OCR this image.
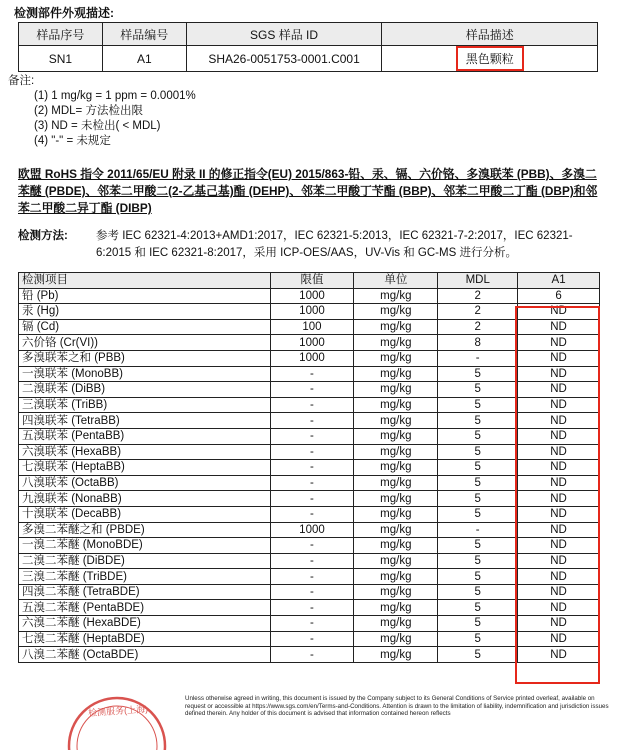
检测部件外观描述:
样品序号	样品编号	SGS 样品 ID	样品描述
SN1	A1	SHA26-0051753-0001.C001	黑色颗粒
备注:
(1) 1 mg/kg = 1 ppm = 0.0001%
(2) MDL= 方法检出限
(3) ND = 未检出( < MDL)
(4) "-" = 未规定
欧盟 RoHS 指令 2011/65/EU 附录 II 的修正指令(EU) 2015/863-铅、汞、镉、六价铬、多溴联苯 (PBB)、多溴二苯醚 (PBDE)、邻苯二甲酸二(2-乙基己基)酯 (DEHP)、邻苯二甲酸丁苄酯 (BBP)、邻苯二甲酸二丁酯 (DBP)和邻苯二甲酸二异丁酯 (DIBP)
检测方法: 参考 IEC 62321-4:2013+AMD1:2017，IEC 62321-5:2013，IEC 62321-7-2:2017，IEC 62321-6:2015 和 IEC 62321-8:2017，采用 ICP-OES/AAS，UV-Vis 和 GC-MS 进行分析。
检测项目	限值	单位	MDL	A1
铅 (Pb)	1000	mg/kg	2	6
汞 (Hg)	1000	mg/kg	2	ND
镉 (Cd)	100	mg/kg	2	ND
六价铬 (Cr(VI))	1000	mg/kg	8	ND
多溴联苯之和 (PBB)	1000	mg/kg	-	ND
一溴联苯 (MonoBB)	-	mg/kg	5	ND
二溴联苯 (DiBB)	-	mg/kg	5	ND
三溴联苯 (TriBB)	-	mg/kg	5	ND
四溴联苯 (TetraBB)	-	mg/kg	5	ND
五溴联苯 (PentaBB)	-	mg/kg	5	ND
六溴联苯 (HexaBB)	-	mg/kg	5	ND
七溴联苯 (HeptaBB)	-	mg/kg	5	ND
八溴联苯 (OctaBB)	-	mg/kg	5	ND
九溴联苯 (NonaBB)	-	mg/kg	5	ND
十溴联苯 (DecaBB)	-	mg/kg	5	ND
多溴二苯醚之和 (PBDE)	1000	mg/kg	-	ND
一溴二苯醚 (MonoBDE)	-	mg/kg	5	ND
二溴二苯醚 (DiBDE)	-	mg/kg	5	ND
三溴二苯醚 (TriBDE)	-	mg/kg	5	ND
四溴二苯醚 (TetraBDE)	-	mg/kg	5	ND
五溴二苯醚 (PentaBDE)	-	mg/kg	5	ND
六溴二苯醚 (HexaBDE)	-	mg/kg	5	ND
七溴二苯醚 (HeptaBDE)	-	mg/kg	5	ND
八溴二苯醚 (OctaBDE)	-	mg/kg	5	ND
检测服务(上海)
Unless otherwise agreed in writing, this document is issued by the Company subject to its General Conditions of Service printed overleaf, available on request or accessible at https://www.sgs.com/en/Terms-and-Conditions. Attention is drawn to the limitation of liability, indemnification and jurisdiction issues defined therein. Any holder of this document is advised that information contained hereon reflects
